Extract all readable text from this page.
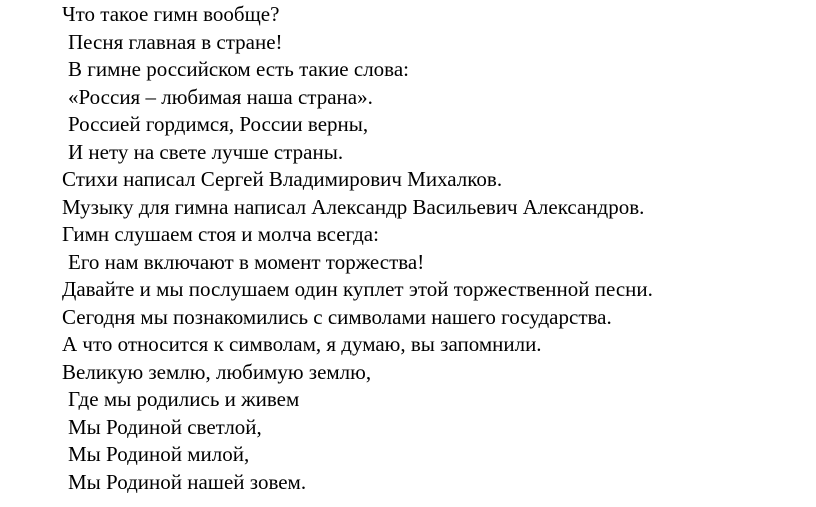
Что такое гимн вообще?
Песня главная в стране!
В гимне российском есть такие слова:
«Россия – любимая наша страна».
Россией гордимся, России верны,
И нету на свете лучше страны.
Стихи написал Сергей Владимирович Михалков.
Музыку для гимна написал Александр Васильевич Александров.
Гимн слушаем стоя и молча всегда:
Его нам включают в момент торжества!
Давайте и мы послушаем один куплет этой торжественной песни.
Сегодня мы познакомились с символами нашего государства.
А что относится к символам, я думаю, вы запомнили.
Великую землю, любимую землю,
Где мы родились и живем
Мы Родиной светлой,
Мы Родиной милой,
Мы Родиной нашей зовем.
